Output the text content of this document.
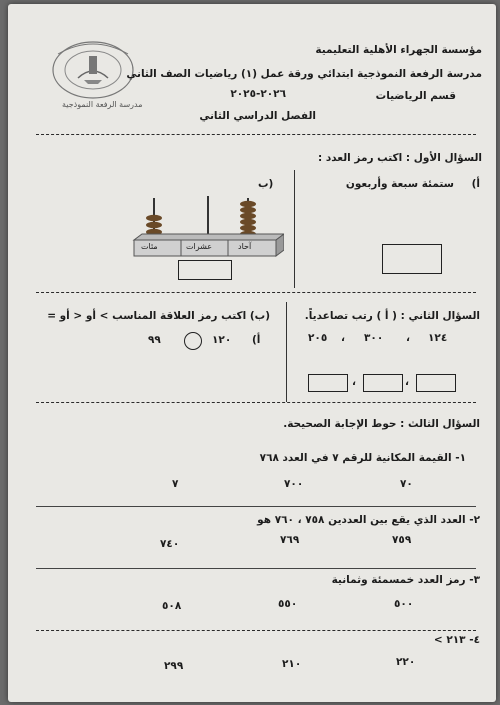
مدرسة الرفعة النموذجية
مؤسسة الجهراء الأهلية التعليمية
مدرسة الرفعة النموذجية ابتدائي ورقة عمل (١) رياضيات الصف الثاني
قسم الرياضيات
٢٠٢٦-٢٠٢٥
الفصل الدراسي الثاني
السؤال الأول : اكتب رمز العدد :
أ)
ستمئة سبعة وأربعون
(ب
آحاد
عشرات
مئات
السؤال الثاني : ( أ ) رتب تصاعدياً.
١٢٤
،
٣٠٠
،
٢٠٥
،
،
(ب) اكتب رمز العلاقة المناسب > أو < أو =
أ)
١٢٠
٩٩
السؤال الثالث : حوط الإجابة الصحيحة.
١- القيمة المكانية للرقم ٧ في العدد ٧٦٨
٧٠
٧٠٠
٧
٢- العدد الذي يقع بين العددين ٧٥٨ ، ٧٦٠ هو
٧٥٩
٧٦٩
٧٤٠
٣- رمز العدد خمسمئة وثمانية
٥٠٠
٥٥٠
٥٠٨
٤- ٢١٣ >
٢٢٠
٢١٠
٢٩٩
